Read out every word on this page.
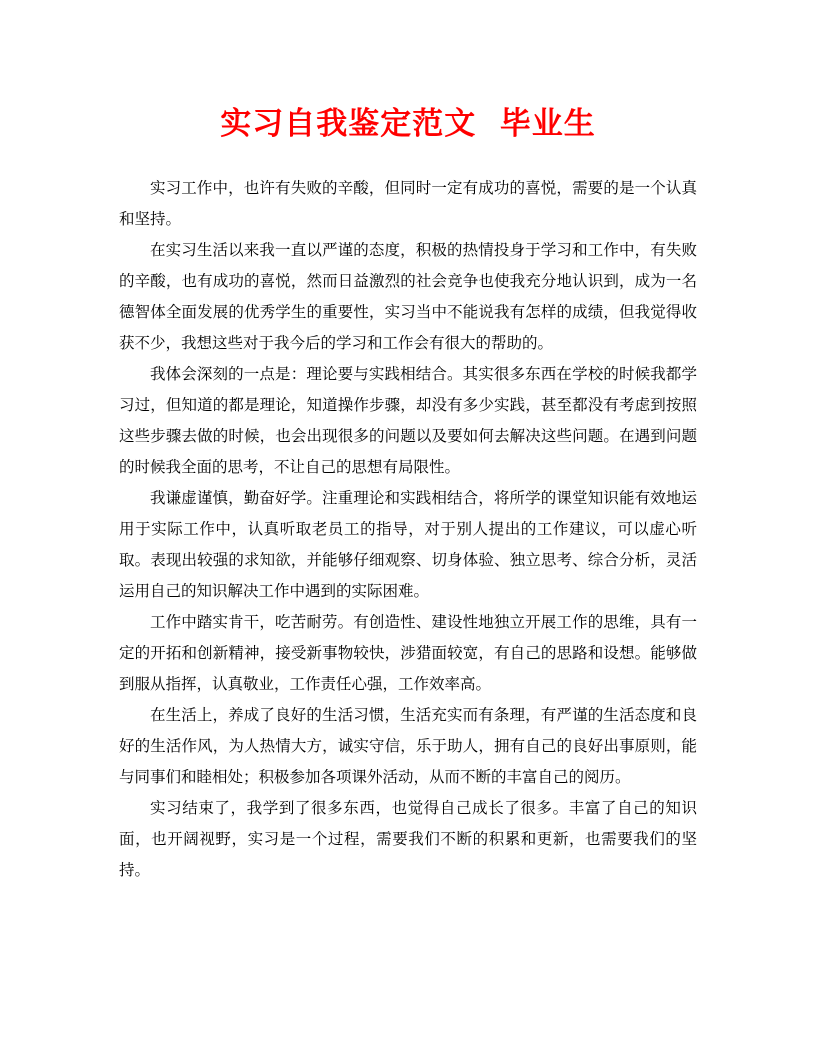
实习自我鉴定范文  毕业生

实习工作中，也许有失败的辛酸，但同时一定有成功的喜悦，需要的是一个认真和坚持。

在实习生活以来我一直以严谨的态度，积极的热情投身于学习和工作中，有失败的辛酸，也有成功的喜悦，然而日益激烈的社会竞争也使我充分地认识到，成为一名德智体全面发展的优秀学生的重要性，实习当中不能说我有怎样的成绩，但我觉得收获不少，我想这些对于我今后的学习和工作会有很大的帮助的。

我体会深刻的一点是：理论要与实践相结合。其实很多东西在学校的时候我都学习过，但知道的都是理论，知道操作步骤，却没有多少实践，甚至都没有考虑到按照这些步骤去做的时候，也会出现很多的问题以及要如何去解决这些问题。在遇到问题的时候我全面的思考，不让自己的思想有局限性。

我谦虚谨慎，勤奋好学。注重理论和实践相结合，将所学的课堂知识能有效地运用于实际工作中，认真听取老员工的指导，对于别人提出的工作建议，可以虚心听取。表现出较强的求知欲，并能够仔细观察、切身体验、独立思考、综合分析，灵活运用自己的知识解决工作中遇到的实际困难。

工作中踏实肯干，吃苦耐劳。有创造性、建设性地独立开展工作的思维，具有一定的开拓和创新精神，接受新事物较快，涉猎面较宽，有自己的思路和设想。能够做到服从指挥，认真敬业，工作责任心强，工作效率高。

在生活上，养成了良好的生活习惯，生活充实而有条理，有严谨的生活态度和良好的生活作风，为人热情大方，诚实守信，乐于助人，拥有自己的良好出事原则，能与同事们和睦相处；积极参加各项课外活动，从而不断的丰富自己的阅历。

实习结束了，我学到了很多东西，也觉得自己成长了很多。丰富了自己的知识面，也开阔视野，实习是一个过程，需要我们不断的积累和更新，也需要我们的坚持。
